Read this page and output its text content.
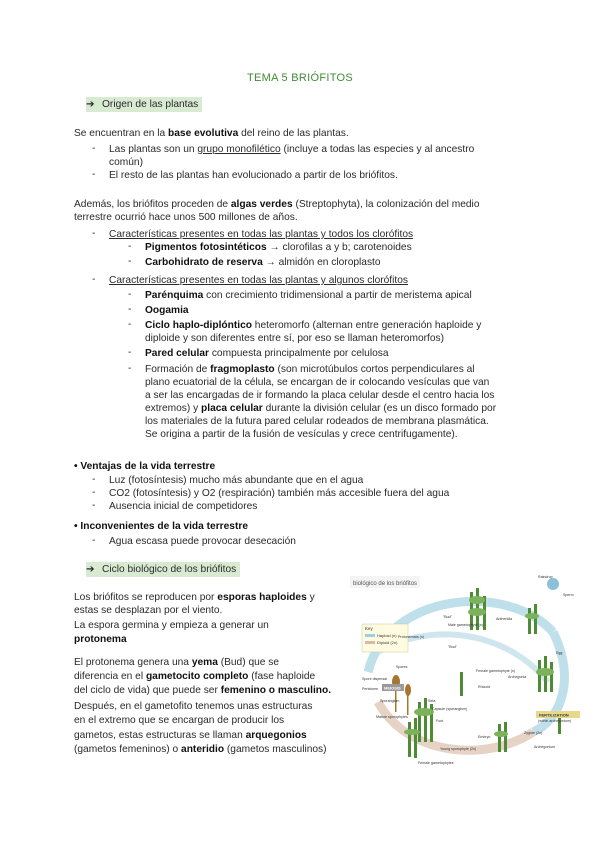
TEMA 5 BRIÓFITOS
➔ Origen de las plantas
Se encuentran en la base evolutiva del reino de las plantas.
- Las plantas son un grupo monofilético (incluye a todas las especies y al ancestro
común)
- El resto de las plantas han evolucionado a partir de los briófitos.
Además, los briófitos proceden de algas verdes (Streptophyta), la colonización del medio
terrestre ocurrió hace unos 500 millones de años.
- Características presentes en todas las plantas y todos los clorófitos
- Pigmentos fotosintéticos → clorofilas a y b; carotenoides
- Carbohidrato de reserva → almidón en cloroplasto
- Características presentes en todas las plantas y algunos clorófitos
- Parénquima con crecimiento tridimensional a partir de meristema apical
- Oogamia
- Ciclo haplo-diplóntico heteromorfo (alternan entre generación haploide y
diploide y son diferentes entre sí, por eso se llaman heteromorfos)
- Pared celular compuesta principalmente por celulosa
- Formación de fragmoplasto (son microtúbulos cortos perpendiculares al
plano ecuatorial de la célula, se encargan de ir colocando vesículas que van
a ser las encargadas de ir formando la placa celular desde el centro hacia los
extremos) y placa celular durante la división celular (es un disco formado por
los materiales de la futura pared celular rodeados de membrana plasmática.
Se origina a partir de la fusión de vesículas y crece centrifugamente).
• Ventajas de la vida terrestre
- Luz (fotosíntesis) mucho más abundante que en el agua
- CO2 (fotosíntesis) y O2 (respiración) también más accesible fuera del agua
- Ausencia inicial de competidores
• Inconvenientes de la vida terrestre
- Agua escasa puede provocar desecación
➔ Ciclo biológico de los briófitos
Los briófitos se reproducen por esporas haploides y
estas se desplazan por el viento.
La espora germina y empieza a generar un
protonema
El protonema genera una yema (Bud) que se
diferencia en el gametocito completo (fase haploide
del ciclo de vida) que puede ser femenino o masculino.
Después, en el gametofito tenemos unas estructuras
en el extremo que se encargan de producir los
gametos, estas estructuras se llaman arquegonios
(gametos femeninos) o anteridio (gametos masculinos)
Key
Haploid (n)
Diploid (2n)
biológico de los briófitos
Raindrop
Sperm
Antheridia
Male gametophyte (n)
"Bud"
Protonemata (n)
"Bud"
Egg
Archegonia
Female gametophyte (n)
Rhizoid
Spores
Spore dispersal
Peristome
Sporangium	Seta
Capsule (sporangium)
Foot
Mature sporophytes
Embryo
Zygote (2n)
(within archegonium)
Archegonium
Young sporophyte (2n)
Female gametophytes
MEIOSIS
FERTILIZATION
